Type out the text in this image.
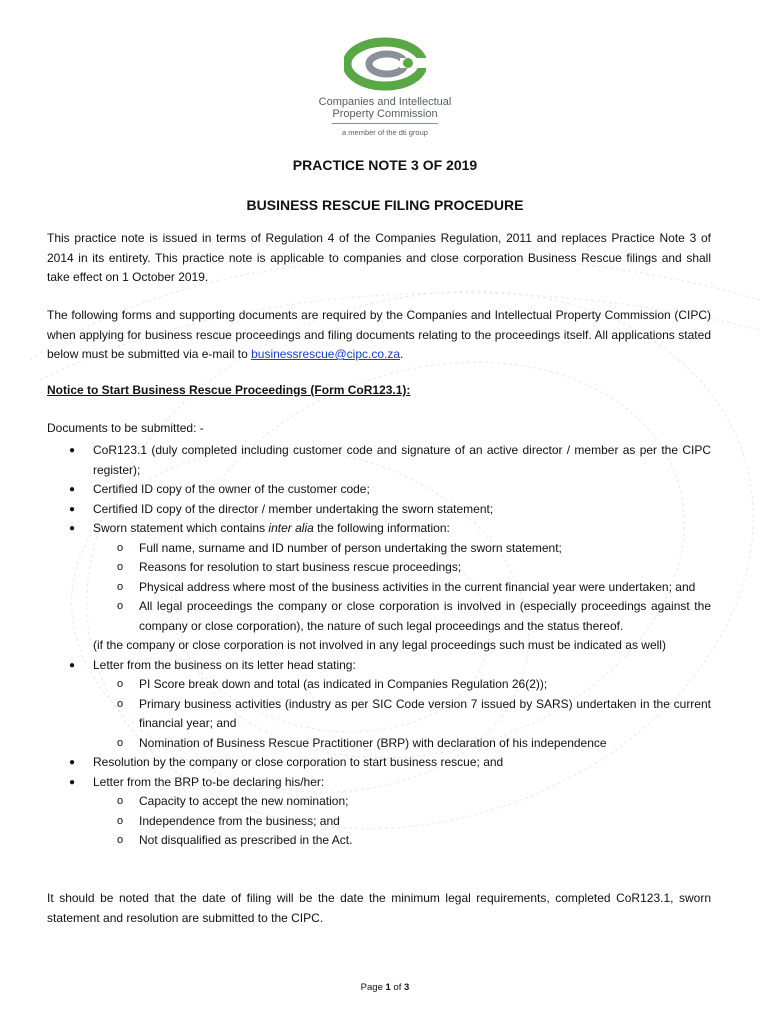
Companies and Intellectual
Property Commission
a member of the dti group
PRACTICE NOTE 3 OF 2019
BUSINESS RESCUE FILING PROCEDURE
This practice note is issued in terms of Regulation 4 of the Companies Regulation, 2011 and replaces Practice Note 3 of 2014 in its entirety. This practice note is applicable to companies and close corporation Business Rescue filings and shall take effect on 1 October 2019.
The following forms and supporting documents are required by the Companies and Intellectual Property Commission (CIPC) when applying for business rescue proceedings and filing documents relating to the proceedings itself. All applications stated below must be submitted via e-mail to businessrescue@cipc.co.za.
Notice to Start Business Rescue Proceedings (Form CoR123.1):
Documents to be submitted: -
● CoR123.1 (duly completed including customer code and signature of an active director / member as per the CIPC register);
● Certified ID copy of the owner of the customer code;
● Certified ID copy of the director / member undertaking the sworn statement;
● Sworn statement which contains inter alia the following information:
o Full name, surname and ID number of person undertaking the sworn statement;
o Reasons for resolution to start business rescue proceedings;
o Physical address where most of the business activities in the current financial year were undertaken; and
o All legal proceedings the company or close corporation is involved in (especially proceedings against the company or close corporation), the nature of such legal proceedings and the status thereof.
(if the company or close corporation is not involved in any legal proceedings such must be indicated as well)
● Letter from the business on its letter head stating:
o PI Score break down and total (as indicated in Companies Regulation 26(2));
o Primary business activities (industry as per SIC Code version 7 issued by SARS) undertaken in the current financial year; and
o Nomination of Business Rescue Practitioner (BRP) with declaration of his independence
● Resolution by the company or close corporation to start business rescue; and
● Letter from the BRP to-be declaring his/her:
o Capacity to accept the new nomination;
o Independence from the business; and
o Not disqualified as prescribed in the Act.
It should be noted that the date of filing will be the date the minimum legal requirements, completed CoR123.1, sworn statement and resolution are submitted to the CIPC.
Page 1 of 3
